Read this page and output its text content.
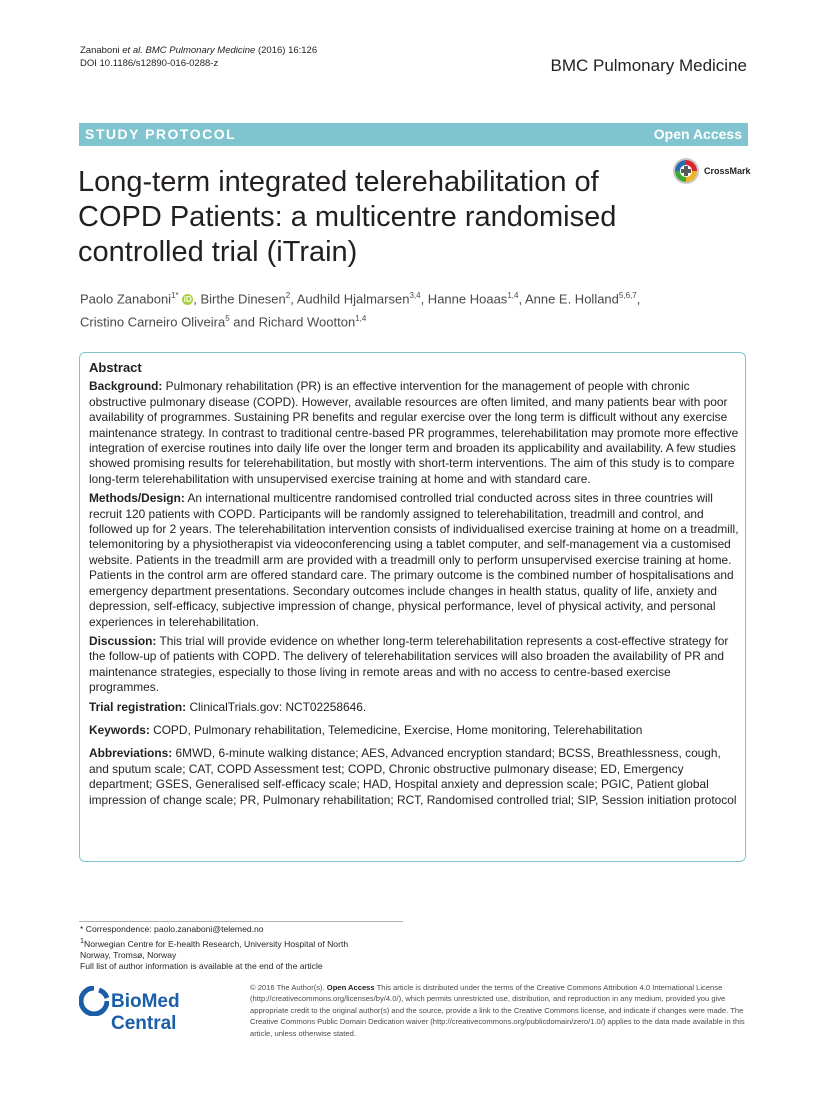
Zanaboni et al. BMC Pulmonary Medicine (2016) 16:126
DOI 10.1186/s12890-016-0288-z	BMC Pulmonary Medicine
STUDY PROTOCOL	Open Access
Long-term integrated telerehabilitation of COPD Patients: a multicentre randomised controlled trial (iTrain)
CrossMark
Paolo Zanaboni$^{1*}$ iD , Birthe Dinesen$^2$, Audhild Hjalmarsen$^{3,4}$, Hanne Hoaas$^{1,4}$, Anne E. Holland$^{5,6,7}$,
Cristino Carneiro Oliveira$^5$ and Richard Wootton$^{1,4}$
Abstract

Background: Pulmonary rehabilitation (PR) is an effective intervention for the management of people with chronic obstructive pulmonary disease (COPD). However, available resources are often limited, and many patients bear with poor availability of programmes. Sustaining PR benefits and regular exercise over the long term is difficult without any exercise maintenance strategy. In contrast to traditional centre-based PR programmes, telerehabilitation may promote more effective integration of exercise routines into daily life over the longer term and broaden its applicability and availability. A few studies showed promising results for telerehabilitation, but mostly with short-term interventions. The aim of this study is to compare long-term telerehabilitation with unsupervised exercise training at home and with standard care.

Methods/Design: An international multicentre randomised controlled trial conducted across sites in three countries will recruit 120 patients with COPD. Participants will be randomly assigned to telerehabilitation, treadmill and control, and followed up for 2 years. The telerehabilitation intervention consists of individualised exercise training at home on a treadmill, telemonitoring by a physiotherapist via videoconferencing using a tablet computer, and self-management via a customised website. Patients in the treadmill arm are provided with a treadmill only to perform unsupervised exercise training at home. Patients in the control arm are offered standard care. The primary outcome is the combined number of hospitalisations and emergency department presentations. Secondary outcomes include changes in health status, quality of life, anxiety and depression, self-efficacy, subjective impression of change, physical performance, level of physical activity, and personal experiences in telerehabilitation.

Discussion: This trial will provide evidence on whether long-term telerehabilitation represents a cost-effective strategy for the follow-up of patients with COPD. The delivery of telerehabilitation services will also broaden the availability of PR and maintenance strategies, especially to those living in remote areas and with no access to centre-based exercise programmes.

Trial registration: ClinicalTrials.gov: NCT02258646.

Keywords: COPD, Pulmonary rehabilitation, Telemedicine, Exercise, Home monitoring, Telerehabilitation

Abbreviations: 6MWD, 6-minute walking distance; AES, Advanced encryption standard; BCSS, Breathlessness, cough, and sputum scale; CAT, COPD Assessment test; COPD, Chronic obstructive pulmonary disease; ED, Emergency department; GSES, Generalised self-efficacy scale; HAD, Hospital anxiety and depression scale; PGIC, Patient global impression of change scale; PR, Pulmonary rehabilitation; RCT, Randomised controlled trial; SIP, Session initiation protocol

* Correspondence: paolo.zanaboni@telemed.no
$^1$Norwegian Centre for E-health Research, University Hospital of North
Norway, Tromsø, Norway
Full list of author information is available at the end of the article
BioMed Central
© 2016 The Author(s). Open Access This article is distributed under the terms of the Creative Commons Attribution 4.0 International License (http://creativecommons.org/licenses/by/4.0/), which permits unrestricted use, distribution, and reproduction in any medium, provided you give appropriate credit to the original author(s) and the source, provide a link to the Creative Commons license, and indicate if changes were made. The Creative Commons Public Domain Dedication waiver (http://creativecommons.org/publicdomain/zero/1.0/) applies to the data made available in this article, unless otherwise stated.
